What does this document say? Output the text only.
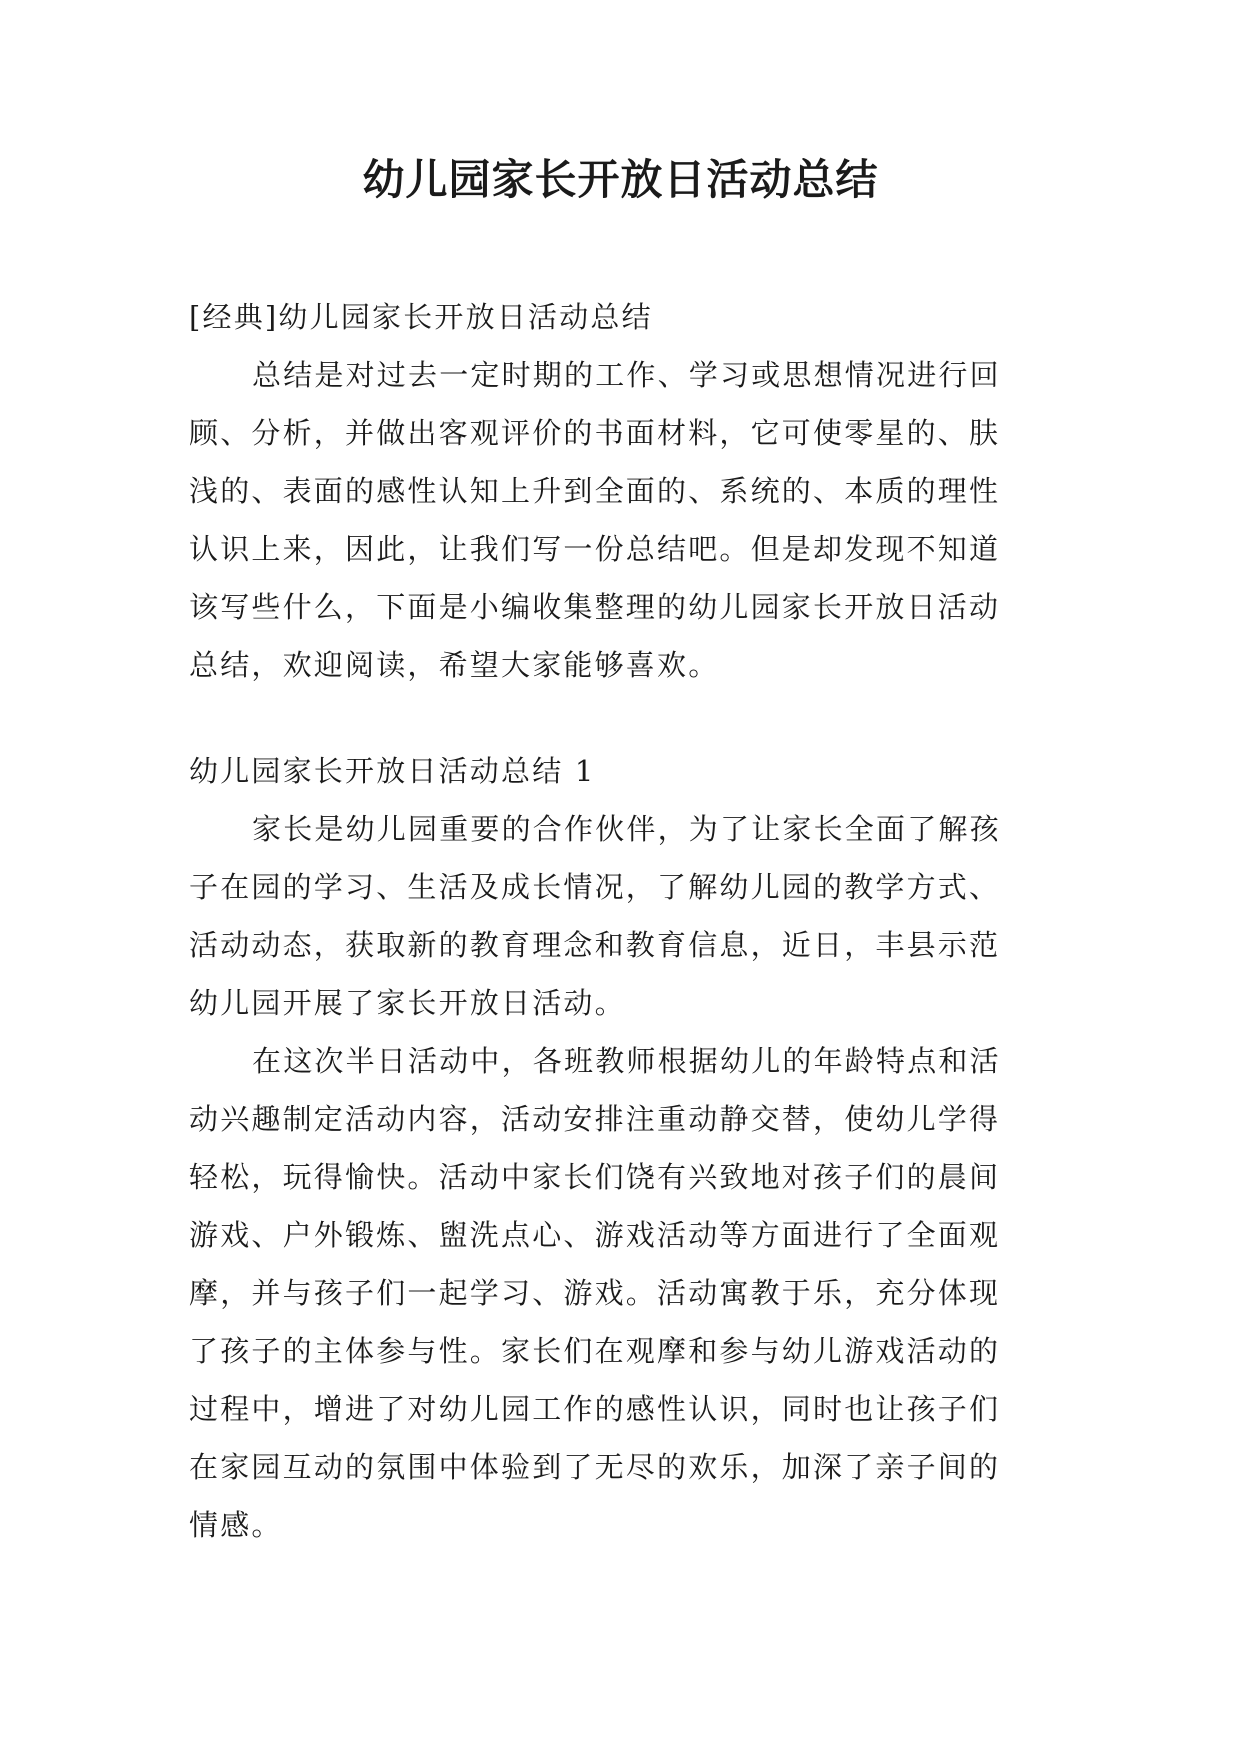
幼儿园家长开放日活动总结
[经典]幼儿园家长开放日活动总结
总结是对过去一定时期的工作、学习或思想情况进行回
顾、分析，并做出客观评价的书面材料，它可使零星的、肤
浅的、表面的感性认知上升到全面的、系统的、本质的理性
认识上来，因此，让我们写一份总结吧。但是却发现不知道
该写些什么，下面是小编收集整理的幼儿园家长开放日活动
总结，欢迎阅读，希望大家能够喜欢。
幼儿园家长开放日活动总结 1
家长是幼儿园重要的合作伙伴，为了让家长全面了解孩
子在园的学习、生活及成长情况，了解幼儿园的教学方式、
活动动态，获取新的教育理念和教育信息，近日，丰县示范
幼儿园开展了家长开放日活动。
在这次半日活动中，各班教师根据幼儿的年龄特点和活
动兴趣制定活动内容，活动安排注重动静交替，使幼儿学得
轻松，玩得愉快。活动中家长们饶有兴致地对孩子们的晨间
游戏、户外锻炼、盥洗点心、游戏活动等方面进行了全面观
摩，并与孩子们一起学习、游戏。活动寓教于乐，充分体现
了孩子的主体参与性。家长们在观摩和参与幼儿游戏活动的
过程中，增进了对幼儿园工作的感性认识，同时也让孩子们
在家园互动的氛围中体验到了无尽的欢乐，加深了亲子间的
情感。
